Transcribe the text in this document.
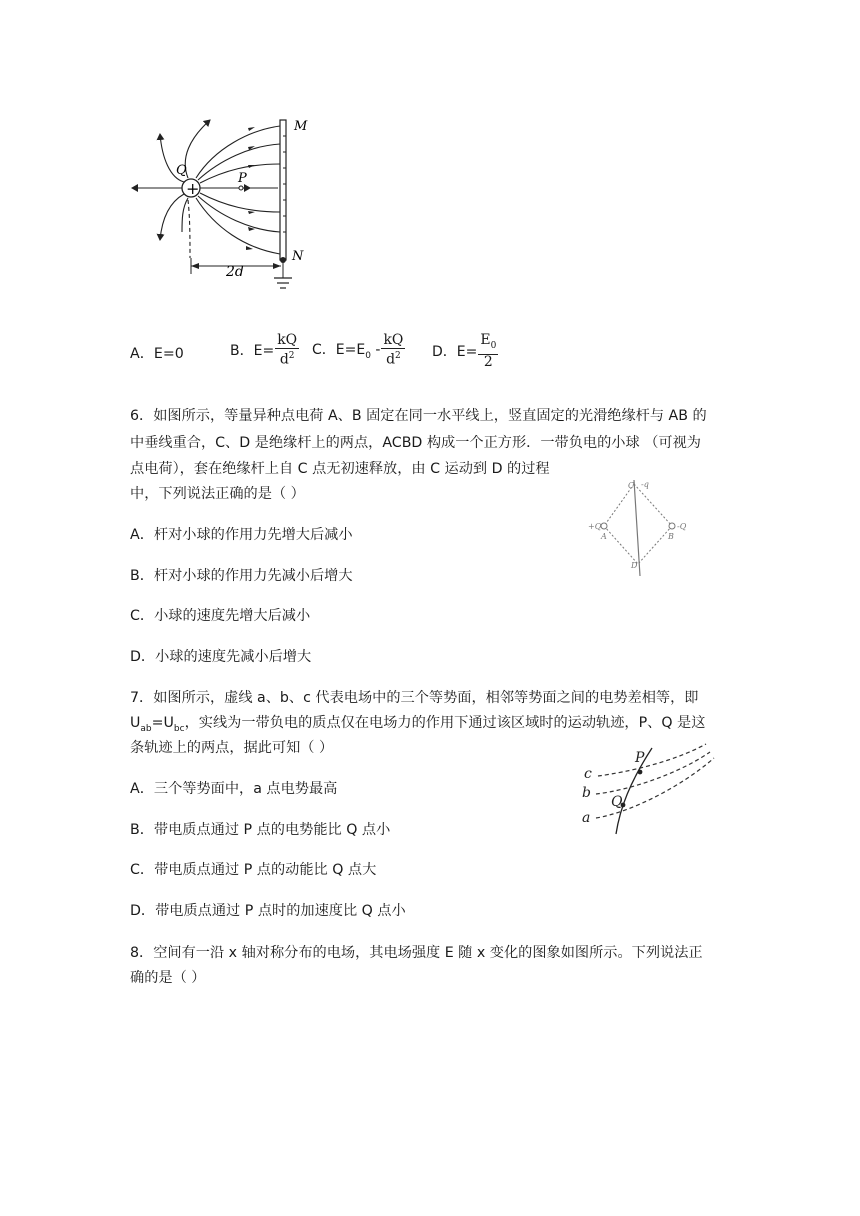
+
2d
M
N
Q
P
A．E=0	B．$E= \frac{kQ}{d^2}$ C．$E=E_0 - \frac{kQ}{d^2}$ D．$E= \frac{E_0}{2}$
6．如图所示，等量异种点电荷 A、B 固定在同一水平线上，竖直固定的光滑绝缘杆与 AB 的
中垂线重合，C、D 是绝缘杆上的两点，ACBD 构成一个正方形．一带负电的小球 （可视为
点电荷），套在绝缘杆上自 C 点无初速释放，由 C 运动到 D 的过程
中，下列说法正确的是（ ）
A．杆对小球的作用力先增大后减小
B．杆对小球的作用力先减小后增大
C．小球的速度先增大后减小
D．小球的速度先减小后增大
C -q
D
A	B
+Q	-Q
7．如图所示，虚线 a、b、c 代表电场中的三个等势面，相邻等势面之间的电势差相等，即
$U_{ab}=U_{bc}$，实线为一带负电的质点仅在电场力的作用下通过该区域时的运动轨迹，P、Q 是这
条轨迹上的两点，据此可知（ ）
A．三个等势面中，a 点电势最高
B．带电质点通过 P 点的电势能比 Q 点小
C．带电质点通过 P 点的动能比 Q 点大
D．带电质点通过 P 点时的加速度比 Q 点小
c
b
a
P
Q
8．空间有一沿 x 轴对称分布的电场，其电场强度 E 随 x 变化的图象如图所示。下列说法正
确的是（ ）
